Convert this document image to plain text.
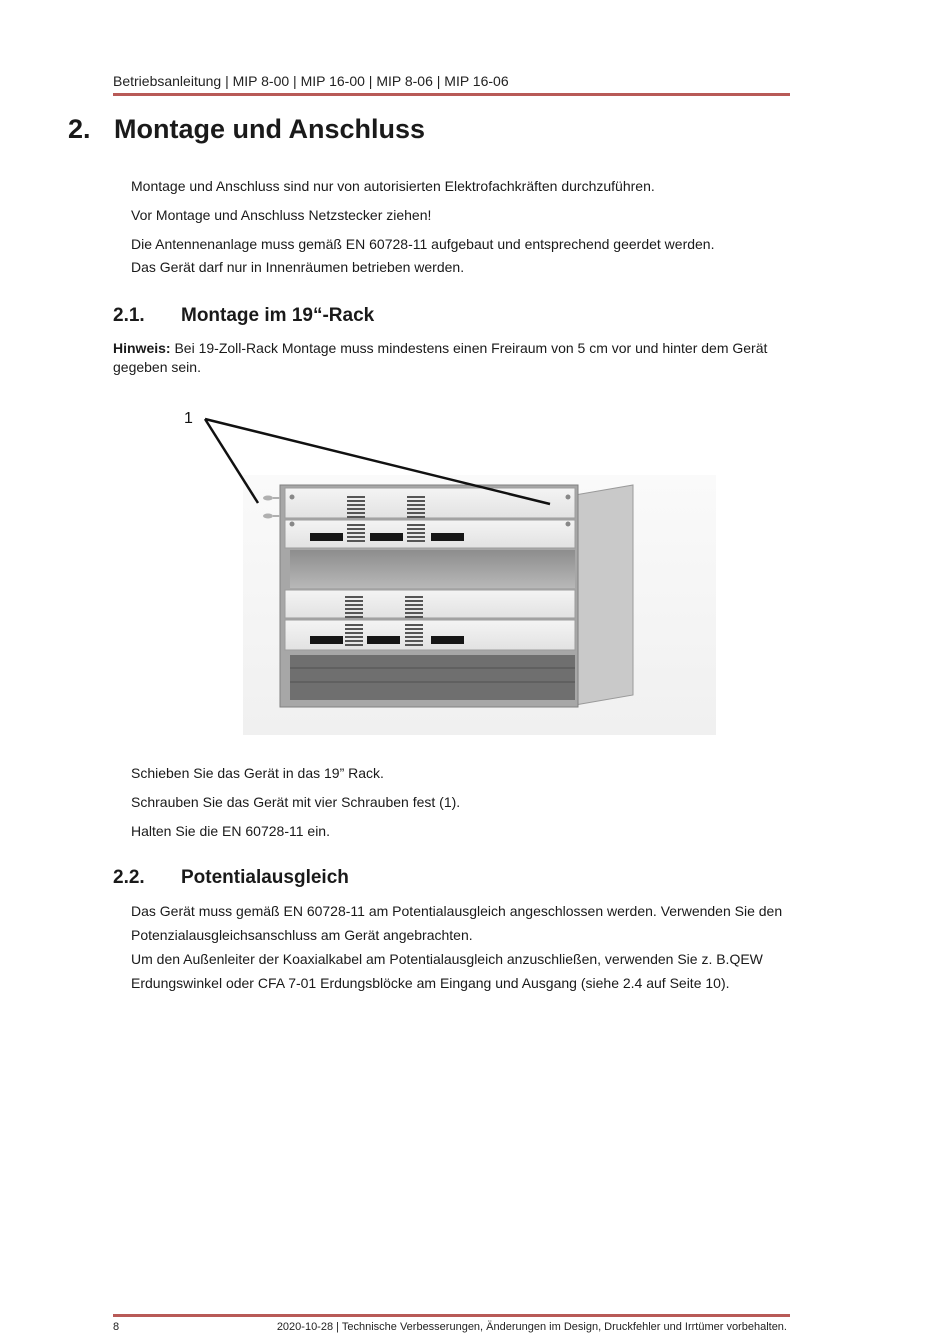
Betriebsanleitung | MIP 8-00 | MIP 16-00 | MIP 8-06 | MIP 16-06
2. Montage und Anschluss
Montage und Anschluss sind nur von autorisierten Elektrofachkräften durchzuführen.
Vor Montage und Anschluss Netzstecker ziehen!
Die Antennenanlage muss gemäß EN 60728-11 aufgebaut und entsprechend geerdet werden.
Das Gerät darf nur in Innenräumen betrieben werden.
2.1. Montage im 19“-Rack
Hinweis: Bei 19-Zoll-Rack Montage muss mindestens einen Freiraum von 5 cm vor und hinter dem Gerät
gegeben sein.
1
Schieben Sie das Gerät in das 19” Rack.
Schrauben Sie das Gerät mit vier Schrauben fest (1).
Halten Sie die EN 60728-11 ein.
2.2. Potentialausgleich
Das Gerät muss gemäß EN 60728-11 am Potentialausgleich angeschlossen werden. Verwenden Sie den
Potenzialausgleichsanschluss am Gerät angebrachten.
Um den Außenleiter der Koaxialkabel am Potentialausgleich anzuschließen, verwenden Sie z. B.QEW
Erdungswinkel oder CFA 7-01 Erdungsblöcke am Eingang und Ausgang (siehe 2.4 auf Seite 10).
8	2020-10-28 | Technische Verbesserungen, Änderungen im Design, Druckfehler und Irrtümer vorbehalten.
